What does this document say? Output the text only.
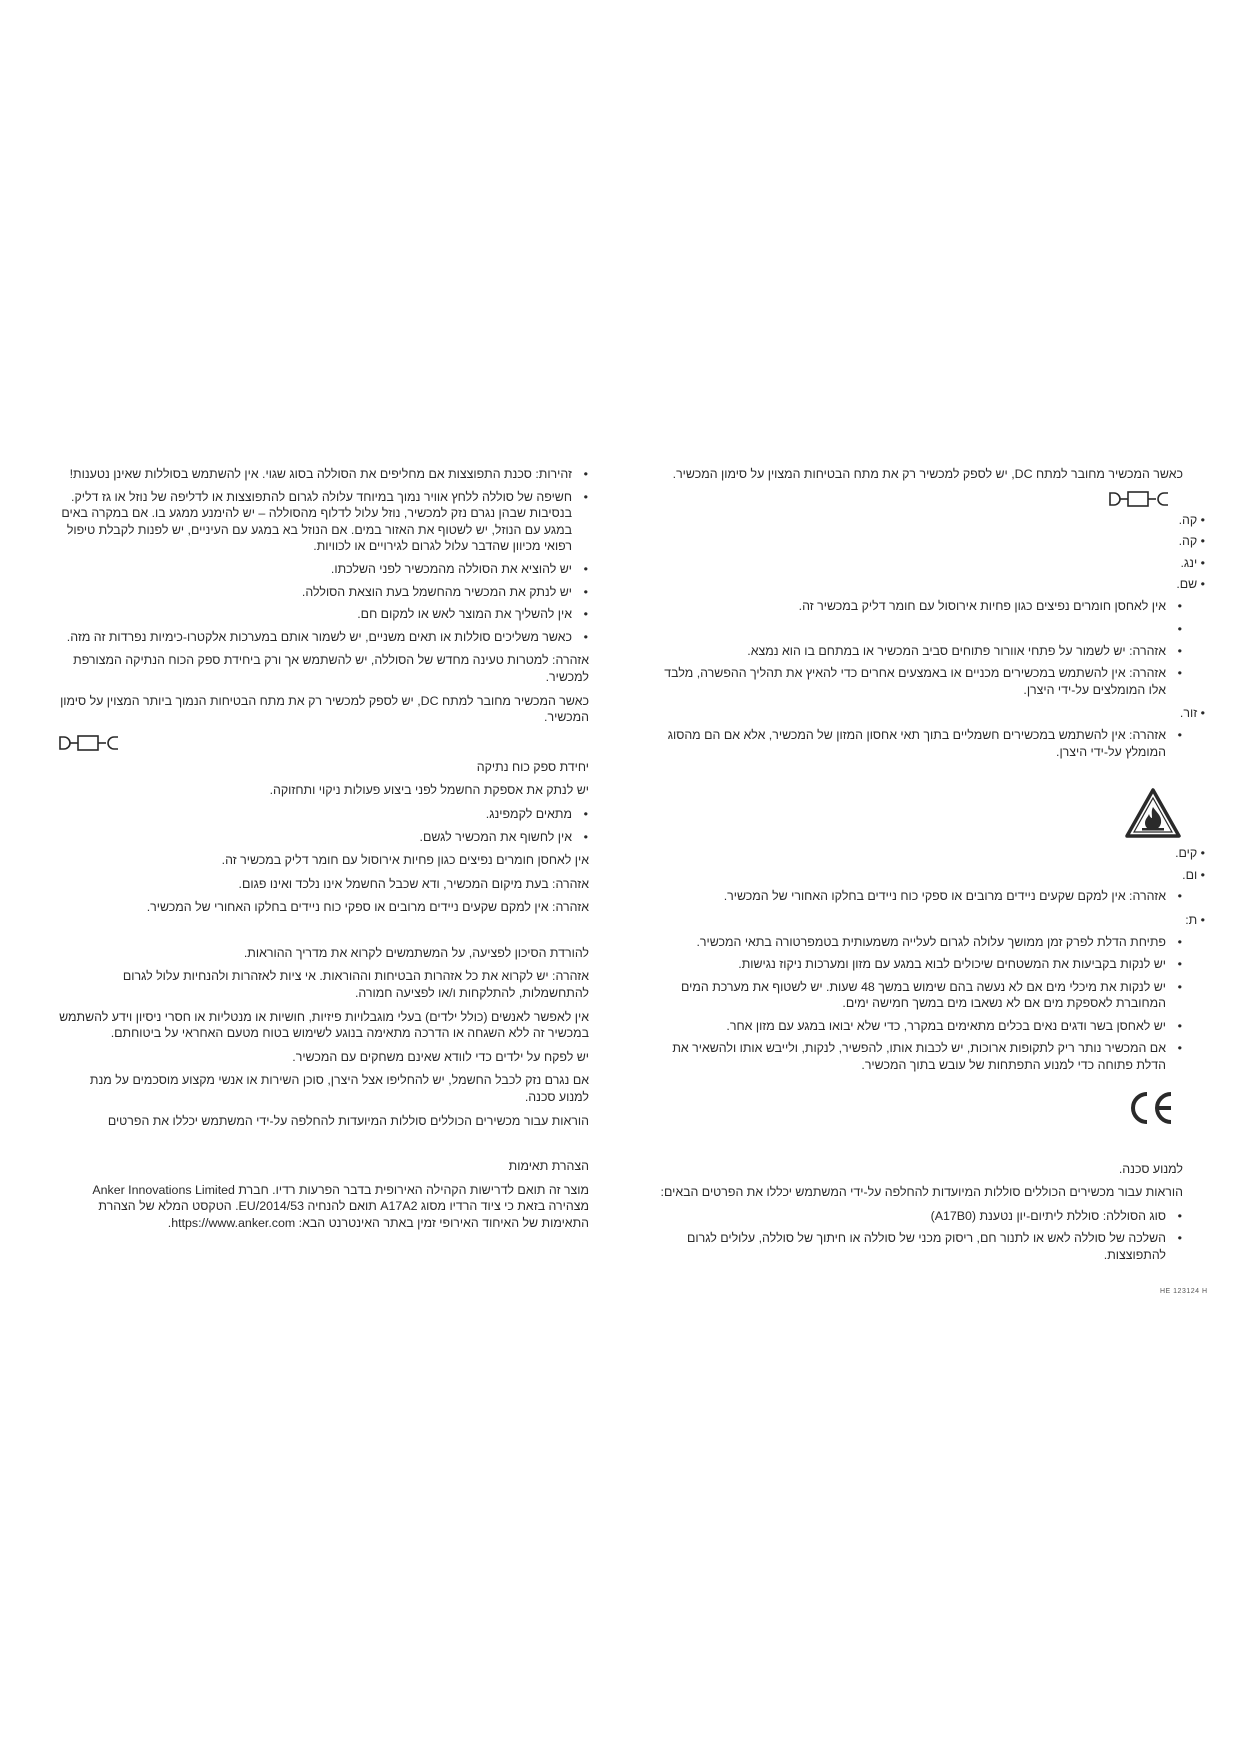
• זהירות: סכנת התפוצצות אם מחליפים את הסוללה בסוג שגוי. אין להשתמש בסוללות שאינן נטענות!
• חשיפה של סוללה ללחץ אוויר נמוך במיוחד עלולה לגרום להתפוצצות או לדליפה של נוזל או גז דליק. בנסיבות שבהן נגרם נזק למכשיר, נוזל עלול לדלוף מהסוללה – יש להימנע ממגע בו. אם במקרה באים במגע עם הנוזל, יש לשטוף את האזור במים. אם הנוזל בא במגע עם העיניים, יש לפנות לקבלת טיפול רפואי מכיוון שהדבר עלול לגרום לגירויים או לכוויות.
• יש להוציא את הסוללה מהמכשיר לפני השלכתו.
• יש לנתק את המכשיר מהחשמל בעת הוצאת הסוללה.
• אין להשליך את המוצר לאש או למקום חם.
• כאשר משליכים סוללות או תאים משניים, יש לשמור אותם במערכות אלקטרו-כימיות נפרדות זה מזה.

אזהרה: למטרות טעינה מחדש של הסוללה, יש להשתמש אך ורק ביחידת ספק הכוח הנתיקה המצורפת למכשיר.

כאשר המכשיר מחובר למתח DC, יש לספק למכשיר רק את מתח הבטיחות הנמוך ביותר המצוין על סימון המכשיר.

יחידת ספק כוח נתיקה

יש לנתק את אספקת החשמל לפני ביצוע פעולות ניקוי ותחזוקה.

• מתאים לקמפינג.
• אין לחשוף את המכשיר לגשם.

אין לאחסן חומרים נפיצים כגון פחיות אירוסול עם חומר דליק במכשיר זה.

אזהרה: בעת מיקום המכשיר, ודא שכבל החשמל אינו נלכד ואינו פגום.

אזהרה: אין למקם שקעים ניידים מרובים או ספקי כוח ניידים בחלקו האחורי של המכשיר.

להורדת הסיכון לפציעה, על המשתמשים לקרוא את מדריך ההוראות.

אזהרה: יש לקרוא את כל אזהרות הבטיחות וההוראות. אי ציות לאזהרות ולהנחיות עלול לגרום להתחשמלות, להתלקחות ו/או לפציעה חמורה.

אין לאפשר לאנשים (כולל ילדים) בעלי מוגבלויות פיזיות, חושיות או מנטליות או חסרי ניסיון וידע להשתמש במכשיר זה ללא השגחה או הדרכה מתאימה בנוגע לשימוש בטוח מטעם האחראי על ביטוחתם.

יש לפקח על ילדים כדי לוודא שאינם משחקים עם המכשיר.

אם נגרם נזק לכבל החשמל, יש להחליפו אצל היצרן, סוכן השירות או אנשי מקצוע מוסכמים על מנת למנוע סכנה.

הוראות עבור מכשירים הכוללים סוללות המיועדות להחלפה על-ידי המשתמש יכללו את הפרטים

הצהרת תאימות

מוצר זה תואם לדרישות הקהילה האירופית בדבר הפרעות רדיו. חברת Anker Innovations Limited מצהירה בזאת כי ציוד הרדיו מסוג A17A2 תואם להנחיה 2014/53/EU. הטקסט המלא של הצהרת התאימות של האיחוד האירופי זמין באתר האינטרנט הבא: https://www.anker.com.

כאשר המכשיר מחובר למתח DC, יש לספק למכשיר רק את מתח הבטיחות המצוין על סימון המכשיר.

• קה.

• קה.

• ינג.

• שם.

• אין לאחסן חומרים נפיצים כגון פחיות אירוסול עם חומר דליק במכשיר זה.
•
• אזהרה: יש לשמור על פתחי אוורור פתוחים סביב המכשיר או במתחם בו הוא נמצא.
• אזהרה: אין להשתמש במכשירים מכניים או באמצעים אחרים כדי להאיץ את תהליך ההפשרה, מלבד אלו המומלצים על-ידי היצרן.

• זור.

• אזהרה: אין להשתמש במכשירים חשמליים בתוך תאי אחסון המזון של המכשיר, אלא אם הם מהסוג המומלץ על-ידי היצרן.

• קים.

• ום.

• אזהרה: אין למקם שקעים ניידים מרובים או ספקי כוח ניידים בחלקו האחורי של המכשיר.

• ת:

• פתיחת הדלת לפרק זמן ממושך עלולה לגרום לעלייה משמעותית בטמפרטורה בתאי המכשיר.
• יש לנקות בקביעות את המשטחים שיכולים לבוא במגע עם מזון ומערכות ניקוז נגישות.
• יש לנקות את מיכלי מים אם לא נעשה בהם שימוש במשך 48 שעות. יש לשטוף את מערכת המים המחוברת לאספקת מים אם לא נשאבו מים במשך חמישה ימים.
• יש לאחסן בשר ודגים נאים בכלים מתאימים במקרר, כדי שלא יבואו במגע עם מזון אחר.
• אם המכשיר נותר ריק לתקופות ארוכות, יש לכבות אותו, להפשיר, לנקות, ולייבש אותו ולהשאיר את הדלת פתוחה כדי למנוע התפתחות של עובש בתוך המכשיר.

למנוע סכנה.

הוראות עבור מכשירים הכוללים סוללות המיועדות להחלפה על-ידי המשתמש יכללו את הפרטים הבאים:

• סוג הסוללה: סוללת ליתיום-יון נטענת (A17B0)
• השלכה של סוללה לאש או לתנור חם, ריסוק מכני של סוללה או חיתוך של סוללה, עלולים לגרום להתפוצצות.
HE 123124 H
